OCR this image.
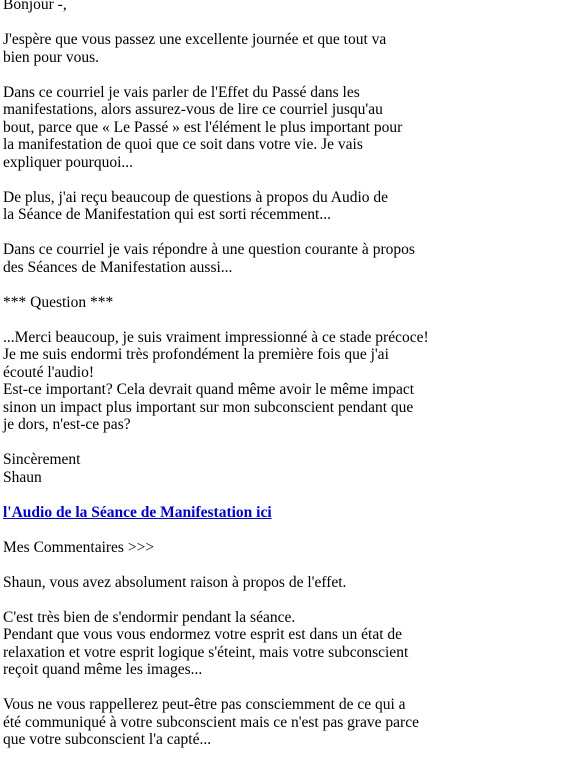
Bonjour -,
J'espère que vous passez une excellente journée et que tout va
bien pour vous.
Dans ce courriel je vais parler de l'Effet du Passé dans les
manifestations, alors assurez-vous de lire ce courriel jusqu'au
bout, parce que « Le Passé » est l'élément le plus important pour
la manifestation de quoi que ce soit dans votre vie. Je vais
expliquer pourquoi...
De plus, j'ai reçu beaucoup de questions à propos du Audio de
la Séance de Manifestation qui est sorti récemment...
Dans ce courriel je vais répondre à une question courante à propos
des Séances de Manifestation aussi...
*** Question ***
...Merci beaucoup, je suis vraiment impressionné à ce stade précoce!
Je me suis endormi très profondément la première fois que j'ai
écouté l'audio!
Est-ce important? Cela devrait quand même avoir le même impact
sinon un impact plus important sur mon subconscient pendant que
je dors, n'est-ce pas?
Sincèrement
Shaun
l'Audio de la Séance de Manifestation ici
Mes Commentaires >>>
Shaun, vous avez absolument raison à propos de l'effet.
C'est très bien de s'endormir pendant la séance.
Pendant que vous vous endormez votre esprit est dans un état de
relaxation et votre esprit logique s'éteint, mais votre subconscient
reçoit quand même les images...
Vous ne vous rappellerez peut-être pas consciemment de ce qui a
été communiqué à votre subconscient mais ce n'est pas grave parce
que votre subconscient l'a capté...
